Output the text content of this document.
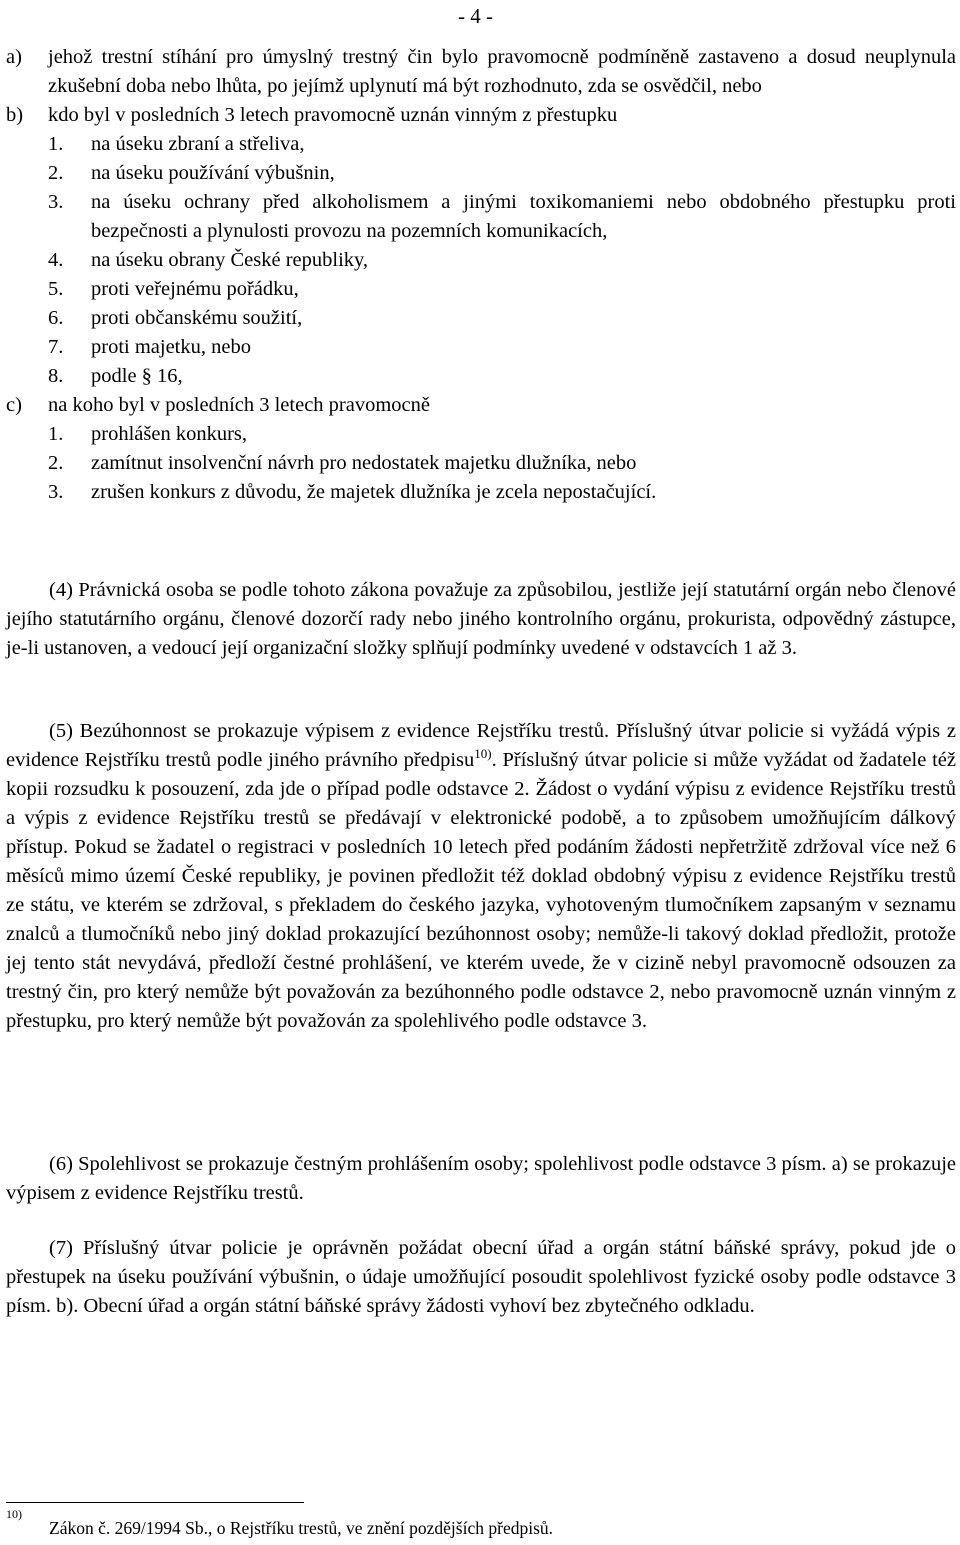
- 4 -
a) jehož trestní stíhání pro úmyslný trestný čin bylo pravomocně podmíněně zastaveno a dosud neuplynula zkušební doba nebo lhůta, po jejímž uplynutí má být rozhodnuto, zda se osvědčil, nebo
b) kdo byl v posledních 3 letech pravomocně uznán vinným z přestupku
1. na úseku zbraní a střeliva,
2. na úseku používání výbušnin,
3. na úseku ochrany před alkoholismem a jinými toxikomaniemi nebo obdobného přestupku proti bezpečnosti a plynulosti provozu na pozemních komunikacích,
4. na úseku obrany České republiky,
5. proti veřejnému pořádku,
6. proti občanskému soužití,
7. proti majetku, nebo
8. podle § 16,
c) na koho byl v posledních 3 letech pravomocně
1. prohlášen konkurs,
2. zamítnut insolvenční návrh pro nedostatek majetku dlužníka, nebo
3. zrušen konkurs z důvodu, že majetek dlužníka je zcela nepostačující.
(4) Právnická osoba se podle tohoto zákona považuje za způsobilou, jestliže její statutární orgán nebo členové jejího statutárního orgánu, členové dozorčí rady nebo jiného kontrolního orgánu, prokurista, odpovědný zástupce, je-li ustanoven, a vedoucí její organizační složky splňují podmínky uvedené v odstavcích 1 až 3.
(5) Bezúhonnost se prokazuje výpisem z evidence Rejstříku trestů. Příslušný útvar policie si vyžádá výpis z evidence Rejstříku trestů podle jiného právního předpisu$^{10)}$. Příslušný útvar policie si může vyžádat od žadatele též kopii rozsudku k posouzení, zda jde o případ podle odstavce 2. Žádost o vydání výpisu z evidence Rejstříku trestů a výpis z evidence Rejstříku trestů se předávají v elektronické podobě, a to způsobem umožňujícím dálkový přístup. Pokud se žadatel o registraci v posledních 10 letech před podáním žádosti nepřetržitě zdržoval více než 6 měsíců mimo území České republiky, je povinen předložit též doklad obdobný výpisu z evidence Rejstříku trestů ze státu, ve kterém se zdržoval, s překladem do českého jazyka, vyhotoveným tlumočníkem zapsaným v seznamu znalců a tlumočníků nebo jiný doklad prokazující bezúhonnost osoby; nemůže-li takový doklad předložit, protože jej tento stát nevydává, předloží čestné prohlášení, ve kterém uvede, že v cizině nebyl pravomocně odsouzen za trestný čin, pro který nemůže být považován za bezúhonného podle odstavce 2, nebo pravomocně uznán vinným z přestupku, pro který nemůže být považován za spolehlivého podle odstavce 3.
(6) Spolehlivost se prokazuje čestným prohlášením osoby; spolehlivost podle odstavce 3 písm. a) se prokazuje výpisem z evidence Rejstříku trestů.
(7) Příslušný útvar policie je oprávněn požádat obecní úřad a orgán státní báňské správy, pokud jde o přestupek na úseku používání výbušnin, o údaje umožňující posoudit spolehlivost fyzické osoby podle odstavce 3 písm. b). Obecní úřad a orgán státní báňské správy žádosti vyhoví bez zbytečného odkladu.
10)
Zákon č. 269/1994 Sb., o Rejstříku trestů, ve znění pozdějších předpisů.
